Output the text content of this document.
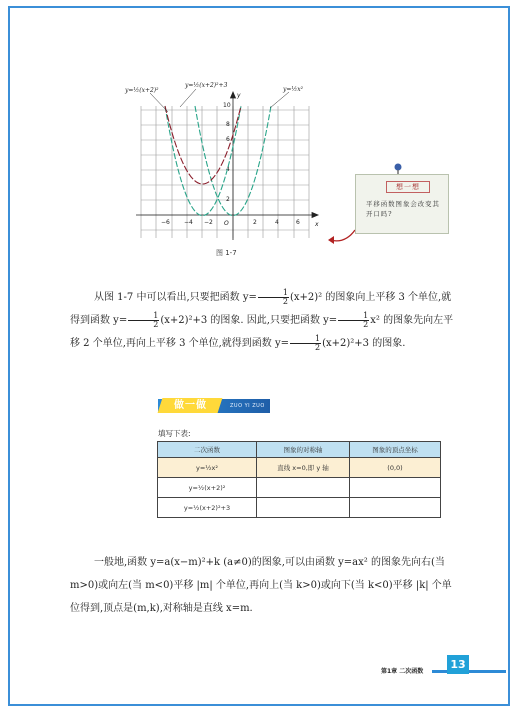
−6 −4 −2	2	4	6
2
4
6
8
10
O	x
y
y=½(x+2)²
y=½(x+2)²+3
y=½x²
图 1-7
想一想
平移函数图象会改变其开口吗?
从图 1-7 中可以看出,只要把函数 $y= \frac{1}{2} (x+2)^2$ 的图象向上平移 3 个单位,就得到函数 $y= \frac{1}{2} (x+2)^2+3$ 的图象. 因此,只要把函数 $y= \frac{1}{2} x^2$ 的图象先向左平移 2 个单位,再向上平移 3 个单位,就得到函数 $y= \frac{1}{2} (x+2)^2+3$ 的图象.
做一做	ZUO YI ZUO
填写下表:
二次函数	图象的对称轴	图象的顶点坐标
y=½x²	直线 x=0,即 y 轴	(0,0)
y=½(x+2)²		
y=½(x+2)²+3		
一般地,函数 y=a(x−m)²+k (a≠0)的图象,可以由函数 y=ax² 的图象先向右(当 m>0)或向左(当 m<0)平移 |m| 个单位,再向上(当 k>0)或向下(当 k<0)平移 |k| 个单位得到,顶点是(m,k),对称轴是直线 x=m.
第1章 二次函数
13
